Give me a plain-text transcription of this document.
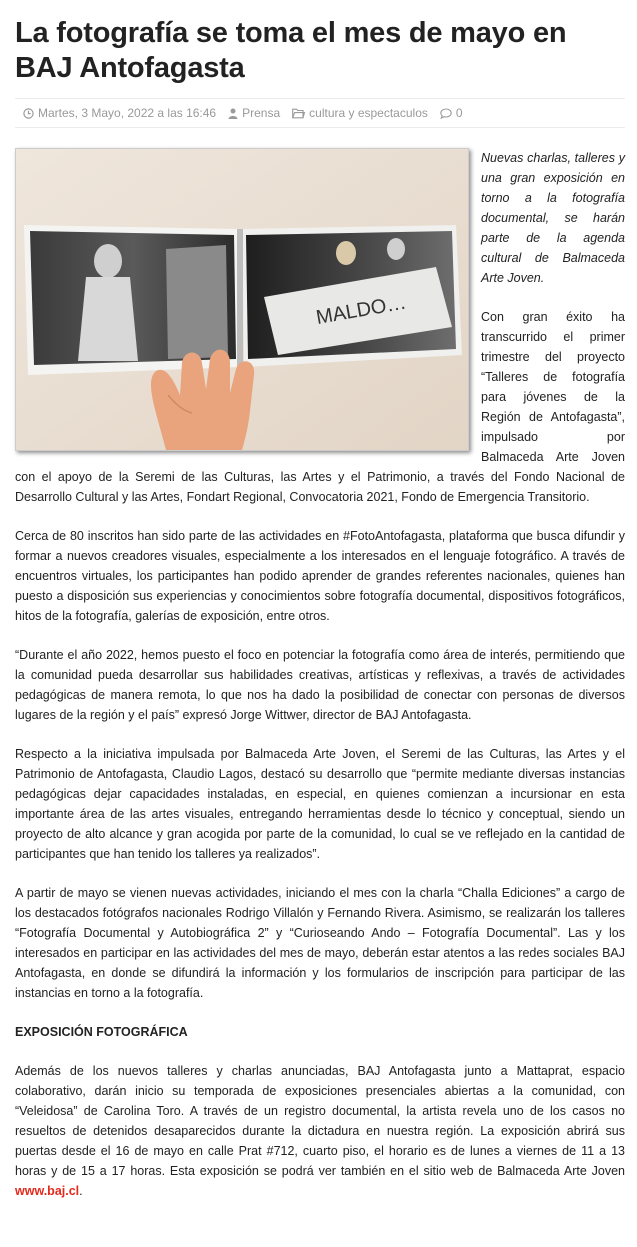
La fotografía se toma el mes de mayo en BAJ Antofagasta
Martes, 3 Mayo, 2022 a las 16:46 Prensa cultura y espectaculos 0
MALDO…

Nuevas charlas, talleres y una gran exposición en torno a la fotografía documental, se harán parte de la agenda cultural de Balmaceda Arte Joven.

Con gran éxito ha transcurrido el primer trimestre del proyecto “Talleres de fotografía para jóvenes de la Región de Antofagasta”, impulsado por Balmaceda Arte Joven con el apoyo de la Seremi de las Culturas, las Artes y el Patrimonio, a través del Fondo Nacional de Desarrollo Cultural y las Artes, Fondart Regional, Convocatoria 2021, Fondo de Emergencia Transitorio.

Cerca de 80 inscritos han sido parte de las actividades en #FotoAntofagasta, plataforma que busca difundir y formar a nuevos creadores visuales, especialmente a los interesados en el lenguaje fotográfico. A través de encuentros virtuales, los participantes han podido aprender de grandes referentes nacionales, quienes han puesto a disposición sus experiencias y conocimientos sobre fotografía documental, dispositivos fotográficos, hitos de la fotografía, galerías de exposición, entre otros.

“Durante el año 2022, hemos puesto el foco en potenciar la fotografía como área de interés, permitiendo que la comunidad pueda desarrollar sus habilidades creativas, artísticas y reflexivas, a través de actividades pedagógicas de manera remota, lo que nos ha dado la posibilidad de conectar con personas de diversos lugares de la región y el país” expresó Jorge Wittwer, director de BAJ Antofagasta.

Respecto a la iniciativa impulsada por Balmaceda Arte Joven, el Seremi de las Culturas, las Artes y el Patrimonio de Antofagasta, Claudio Lagos, destacó su desarrollo que “permite mediante diversas instancias pedagógicas dejar capacidades instaladas, en especial, en quienes comienzan a incursionar en esta importante área de las artes visuales, entregando herramientas desde lo técnico y conceptual, siendo un proyecto de alto alcance y gran acogida por parte de la comunidad, lo cual se ve reflejado en la cantidad de participantes que han tenido los talleres ya realizados”.

A partir de mayo se vienen nuevas actividades, iniciando el mes con la charla “Challa Ediciones” a cargo de los destacados fotógrafos nacionales Rodrigo Villalón y Fernando Rivera. Asimismo, se realizarán los talleres “Fotografía Documental y Autobiográfica 2” y “Curioseando Ando – Fotografía Documental”. Las y los interesados en participar en las actividades del mes de mayo, deberán estar atentos a las redes sociales BAJ Antofagasta, en donde se difundirá la información y los formularios de inscripción para participar de las instancias en torno a la fotografía.

EXPOSICIÓN FOTOGRÁFICA

Además de los nuevos talleres y charlas anunciadas, BAJ Antofagasta junto a Mattaprat, espacio colaborativo, darán inicio su temporada de exposiciones presenciales abiertas a la comunidad, con “Veleidosa” de Carolina Toro. A través de un registro documental, la artista revela uno de los casos no resueltos de detenidos desaparecidos durante la dictadura en nuestra región. La exposición abrirá sus puertas desde el 16 de mayo en calle Prat #712, cuarto piso, el horario es de lunes a viernes de 11 a 13 horas y de 15 a 17 horas. Esta exposición se podrá ver también en el sitio web de Balmaceda Arte Joven www.baj.cl.
